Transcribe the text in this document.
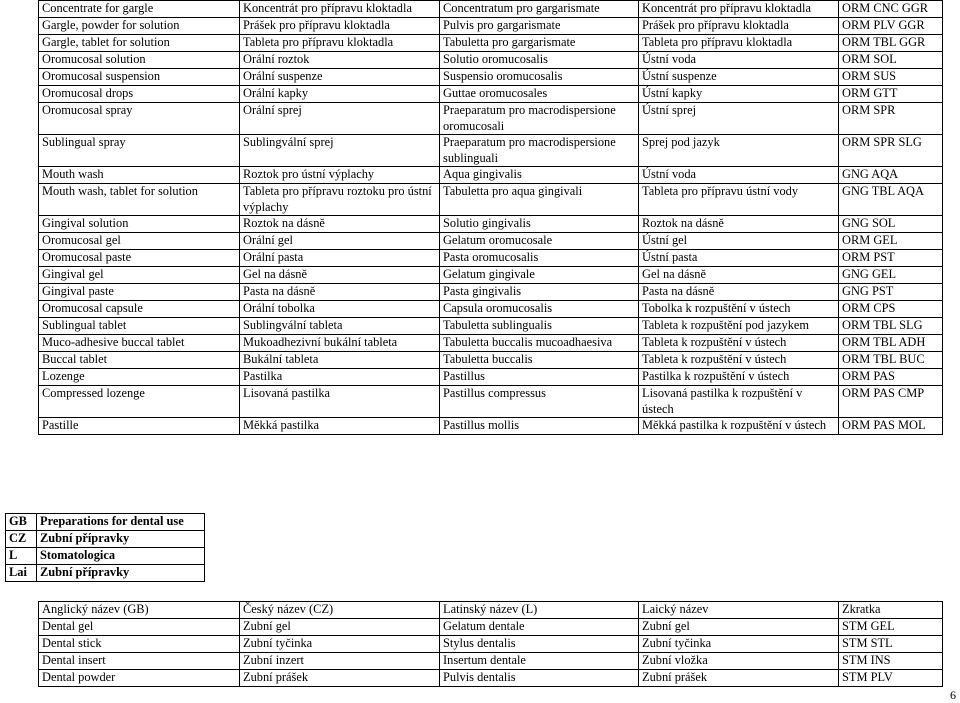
Concentrate for gargle	Koncentrát pro přípravu kloktadla	Concentratum pro gargarismate	Koncentrát pro přípravu kloktadla	ORM CNC GGR
Gargle, powder for solution	Prášek pro přípravu kloktadla	Pulvis pro gargarismate	Prášek pro přípravu kloktadla	ORM PLV GGR
Gargle, tablet for solution	Tableta pro přípravu kloktadla	Tabuletta pro gargarismate	Tableta pro přípravu kloktadla	ORM TBL GGR
Oromucosal solution	Orální roztok	Solutio oromucosalis	Ústní voda	ORM SOL
Oromucosal suspension	Orální suspenze	Suspensio oromucosalis	Ústní suspenze	ORM SUS
Oromucosal drops	Orální kapky	Guttae oromucosales	Ústní kapky	ORM GTT
Oromucosal spray	Orální sprej	Praeparatum pro macrodispersione oromucosali	Ústní sprej	ORM SPR
Sublingual spray	Sublingvální sprej	Praeparatum pro macrodispersione sublinguali	Sprej pod jazyk	ORM SPR SLG
Mouth wash	Roztok pro ústní výplachy	Aqua gingivalis	Ústní voda	GNG AQA
Mouth wash, tablet for solution	Tableta pro přípravu roztoku pro ústní výplachy	Tabuletta pro aqua gingivali	Tableta pro přípravu ústní vody	GNG TBL AQA
Gingival solution	Roztok na dásně	Solutio gingivalis	Roztok na dásně	GNG SOL
Oromucosal gel	Orální gel	Gelatum oromucosale	Ústní gel	ORM GEL
Oromucosal paste	Orální pasta	Pasta oromucosalis	Ústní pasta	ORM PST
Gingival gel	Gel na dásně	Gelatum gingivale	Gel na dásně	GNG GEL
Gingival paste	Pasta na dásně	Pasta gingivalis	Pasta na dásně	GNG PST
Oromucosal capsule	Orální tobolka	Capsula oromucosalis	Tobolka k rozpuštění v ústech	ORM CPS
Sublingual tablet	Sublingvální tableta	Tabuletta sublingualis	Tableta k rozpuštění pod jazykem	ORM TBL SLG
Muco-adhesive buccal tablet	Mukoadhezivní bukální tableta	Tabuletta buccalis mucoadhaesiva	Tableta k rozpuštění v ústech	ORM TBL ADH
Buccal tablet	Bukální tableta	Tabuletta buccalis	Tableta k rozpuštění v ústech	ORM TBL BUC
Lozenge	Pastilka	Pastillus	Pastilka k rozpuštění v ústech	ORM PAS
Compressed lozenge	Lisovaná pastilka	Pastillus compressus	Lisovaná pastilka k rozpuštění v ústech	ORM PAS CMP
Pastille	Měkká pastilka	Pastillus mollis	Měkká pastilka k rozpuštění v ústech	ORM PAS MOL
GB	Preparations for dental use
CZ	Zubní přípravky
L	Stomatologica
Lai	Zubní přípravky
Anglický název (GB)	Český název (CZ)	Latinský název (L)	Laický název	Zkratka
Dental gel	Zubní gel	Gelatum dentale	Zubní gel	STM GEL
Dental stick	Zubní tyčinka	Stylus dentalis	Zubní tyčinka	STM STL
Dental insert	Zubní inzert	Insertum dentale	Zubní vložka	STM INS
Dental powder	Zubní prášek	Pulvis dentalis	Zubní prášek	STM PLV
6
